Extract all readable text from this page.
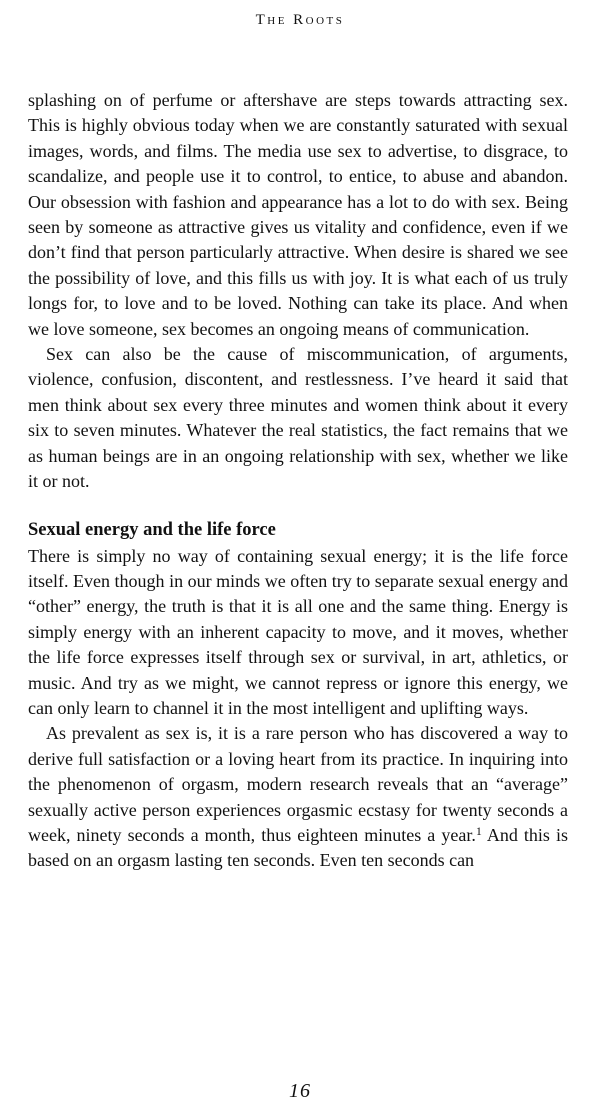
The Roots

splashing on of perfume or aftershave are steps towards attracting sex. This is highly obvious today when we are constantly saturated with sexual images, words, and films. The media use sex to advertise, to disgrace, to scandalize, and people use it to control, to entice, to abuse and abandon. Our obsession with fashion and appearance has a lot to do with sex. Being seen by someone as attractive gives us vitality and confidence, even if we don’t find that person particularly attractive. When desire is shared we see the possibility of love, and this fills us with joy. It is what each of us truly longs for, to love and to be loved. Nothing can take its place. And when we love someone, sex becomes an ongoing means of communication.

Sex can also be the cause of miscommunication, of arguments, violence, confusion, discontent, and restlessness. I’ve heard it said that men think about sex every three minutes and women think about it every six to seven minutes. Whatever the real statistics, the fact remains that we as human beings are in an ongoing relationship with sex, whether we like it or not.

Sexual energy and the life force

There is simply no way of containing sexual energy; it is the life force itself. Even though in our minds we often try to separate sexual energy and “other” energy, the truth is that it is all one and the same thing. Energy is simply energy with an inherent capacity to move, and it moves, whether the life force expresses itself through sex or survival, in art, athletics, or music. And try as we might, we cannot repress or ignore this energy, we can only learn to channel it in the most intelligent and uplifting ways.

As prevalent as sex is, it is a rare person who has discovered a way to derive full satisfaction or a loving heart from its practice. In inquiring into the phenomenon of orgasm, modern research reveals that an “average” sexually active person experiences orgasmic ecstasy for twenty seconds a week, ninety seconds a month, thus eighteen minutes a year.$^1$ And this is based on an orgasm lasting ten seconds. Even ten seconds can

16
